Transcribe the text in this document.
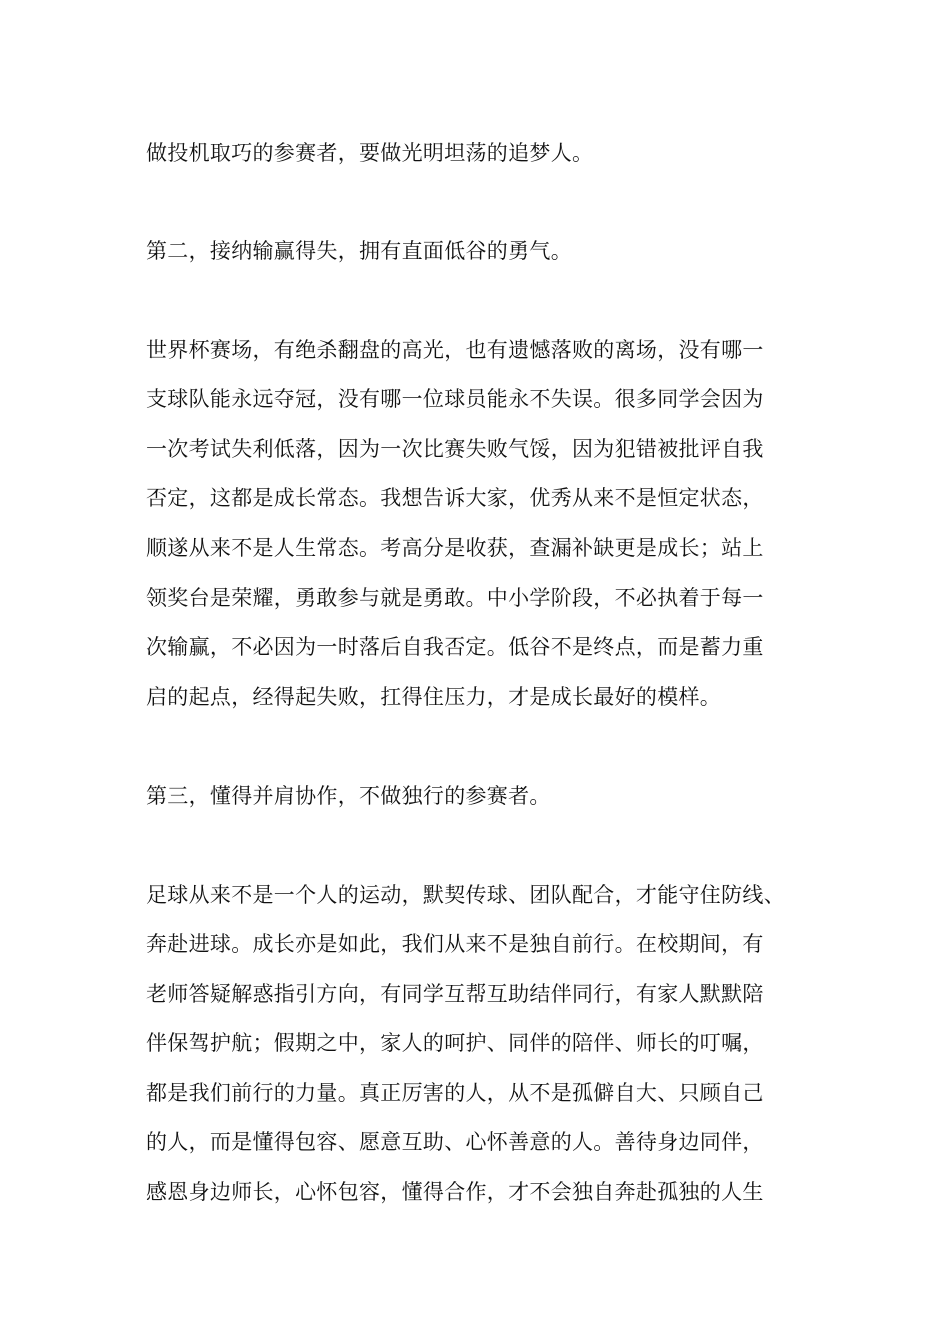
做投机取巧的参赛者，要做光明坦荡的追梦人。
第二，接纳输赢得失，拥有直面低谷的勇气。
世界杯赛场，有绝杀翻盘的高光，也有遗憾落败的离场，没有哪一
支球队能永远夺冠，没有哪一位球员能永不失误。很多同学会因为
一次考试失利低落，因为一次比赛失败气馁，因为犯错被批评自我
否定，这都是成长常态。我想告诉大家，优秀从来不是恒定状态，
顺遂从来不是人生常态。考高分是收获，查漏补缺更是成长；站上
领奖台是荣耀，勇敢参与就是勇敢。中小学阶段，不必执着于每一
次输赢，不必因为一时落后自我否定。低谷不是终点，而是蓄力重
启的起点，经得起失败，扛得住压力，才是成长最好的模样。
第三，懂得并肩协作，不做独行的参赛者。
足球从来不是一个人的运动，默契传球、团队配合，才能守住防线、
奔赴进球。成长亦是如此，我们从来不是独自前行。在校期间，有
老师答疑解惑指引方向，有同学互帮互助结伴同行，有家人默默陪
伴保驾护航；假期之中，家人的呵护、同伴的陪伴、师长的叮嘱，
都是我们前行的力量。真正厉害的人，从不是孤僻自大、只顾自己
的人，而是懂得包容、愿意互助、心怀善意的人。善待身边同伴，
感恩身边师长，心怀包容，懂得合作，才不会独自奔赴孤独的人生
